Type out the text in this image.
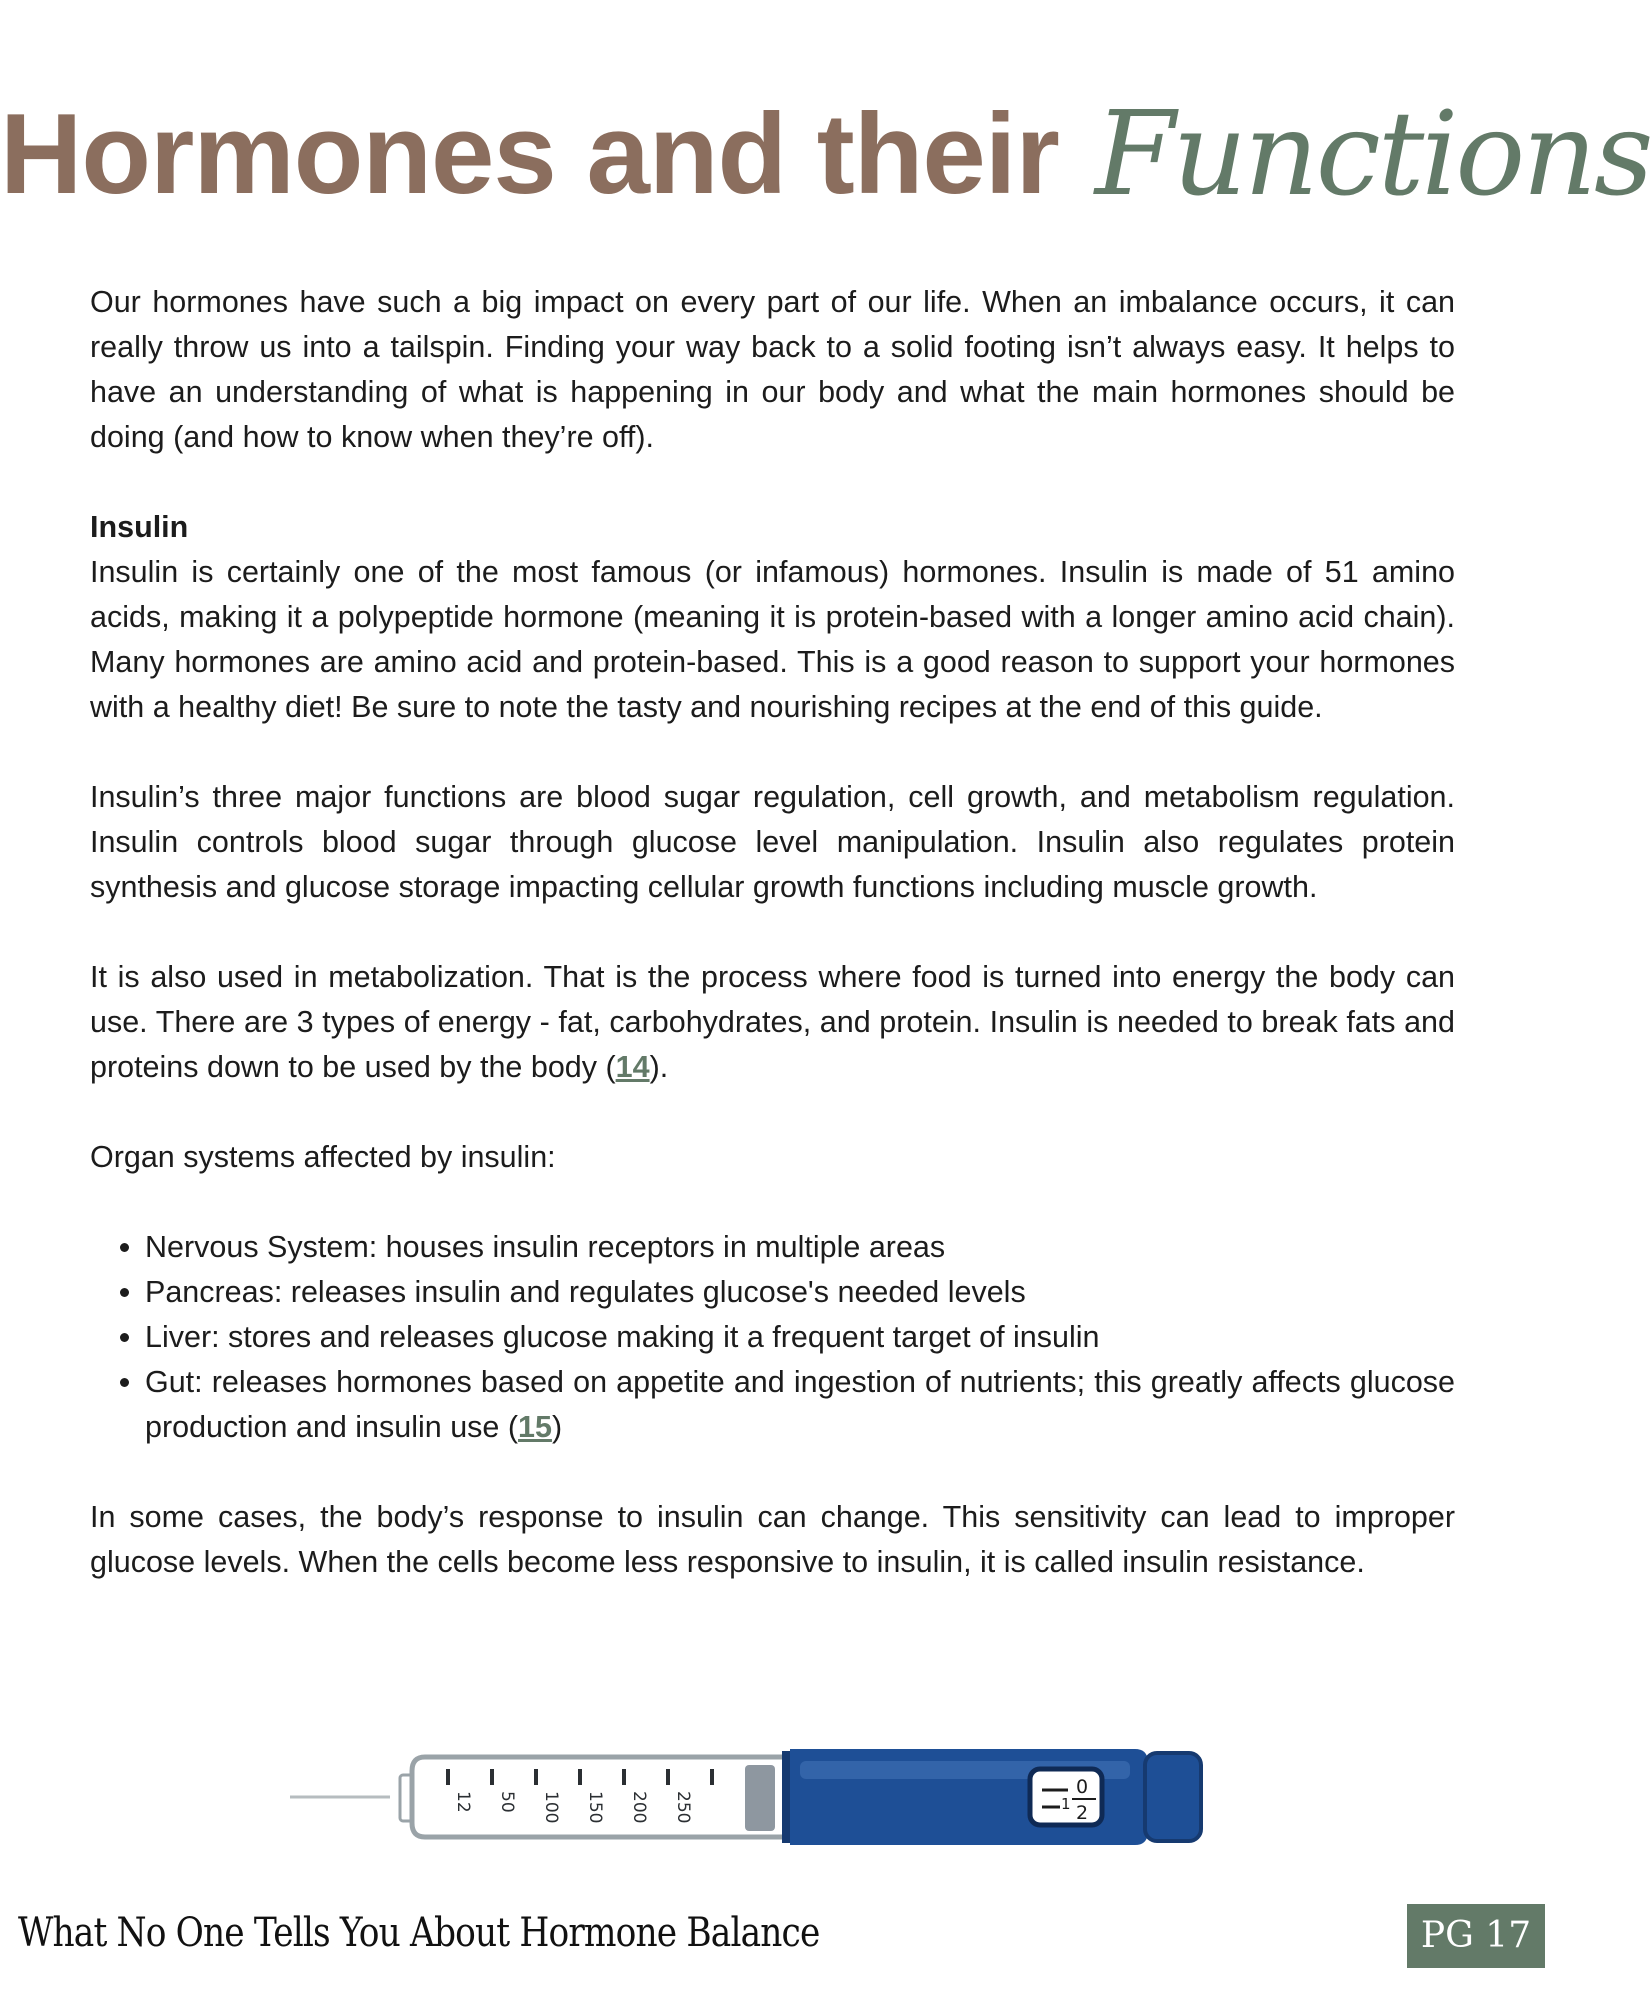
Hormones and their Functions

Our hormones have such a big impact on every part of our life. When an imbalance occurs, it can really throw us into a tailspin. Finding your way back to a solid footing isn’t always easy. It helps to have an understanding of what is happening in our body and what the main hormones should be doing (and how to know when they’re off).

Insulin

Insulin is certainly one of the most famous (or infamous) hormones. Insulin is made of 51 amino acids, making it a polypeptide hormone (meaning it is protein-based with a longer amino acid chain). Many hormones are amino acid and protein-based. This is a good reason to support your hormones with a healthy diet! Be sure to note the tasty and nourishing recipes at the end of this guide.

Insulin’s three major functions are blood sugar regulation, cell growth, and metabolism regulation. Insulin controls blood sugar through glucose level manipulation. Insulin also regulates protein synthesis and glucose storage impacting cellular growth functions including muscle growth.

It is also used in metabolization. That is the process where food is turned into energy the body can use. There are 3 types of energy - fat, carbohydrates, and protein. Insulin is needed to break fats and proteins down to be used by the body (14).

Organ systems affected by insulin:

• Nervous System: houses insulin receptors in multiple areas
• Pancreas: releases insulin and regulates glucose's needed levels
• Liver: stores and releases glucose making it a frequent target of insulin
• Gut: releases hormones based on appetite and ingestion of nutrients; this greatly affects glucose production and insulin use (15)

In some cases, the body’s response to insulin can change. This sensitivity can lead to improper glucose levels. When the cells become less responsive to insulin, it is called insulin resistance.

12 50 100 150 200 250
0
1 2
What No One Tells You About Hormone Balance	PG 17
